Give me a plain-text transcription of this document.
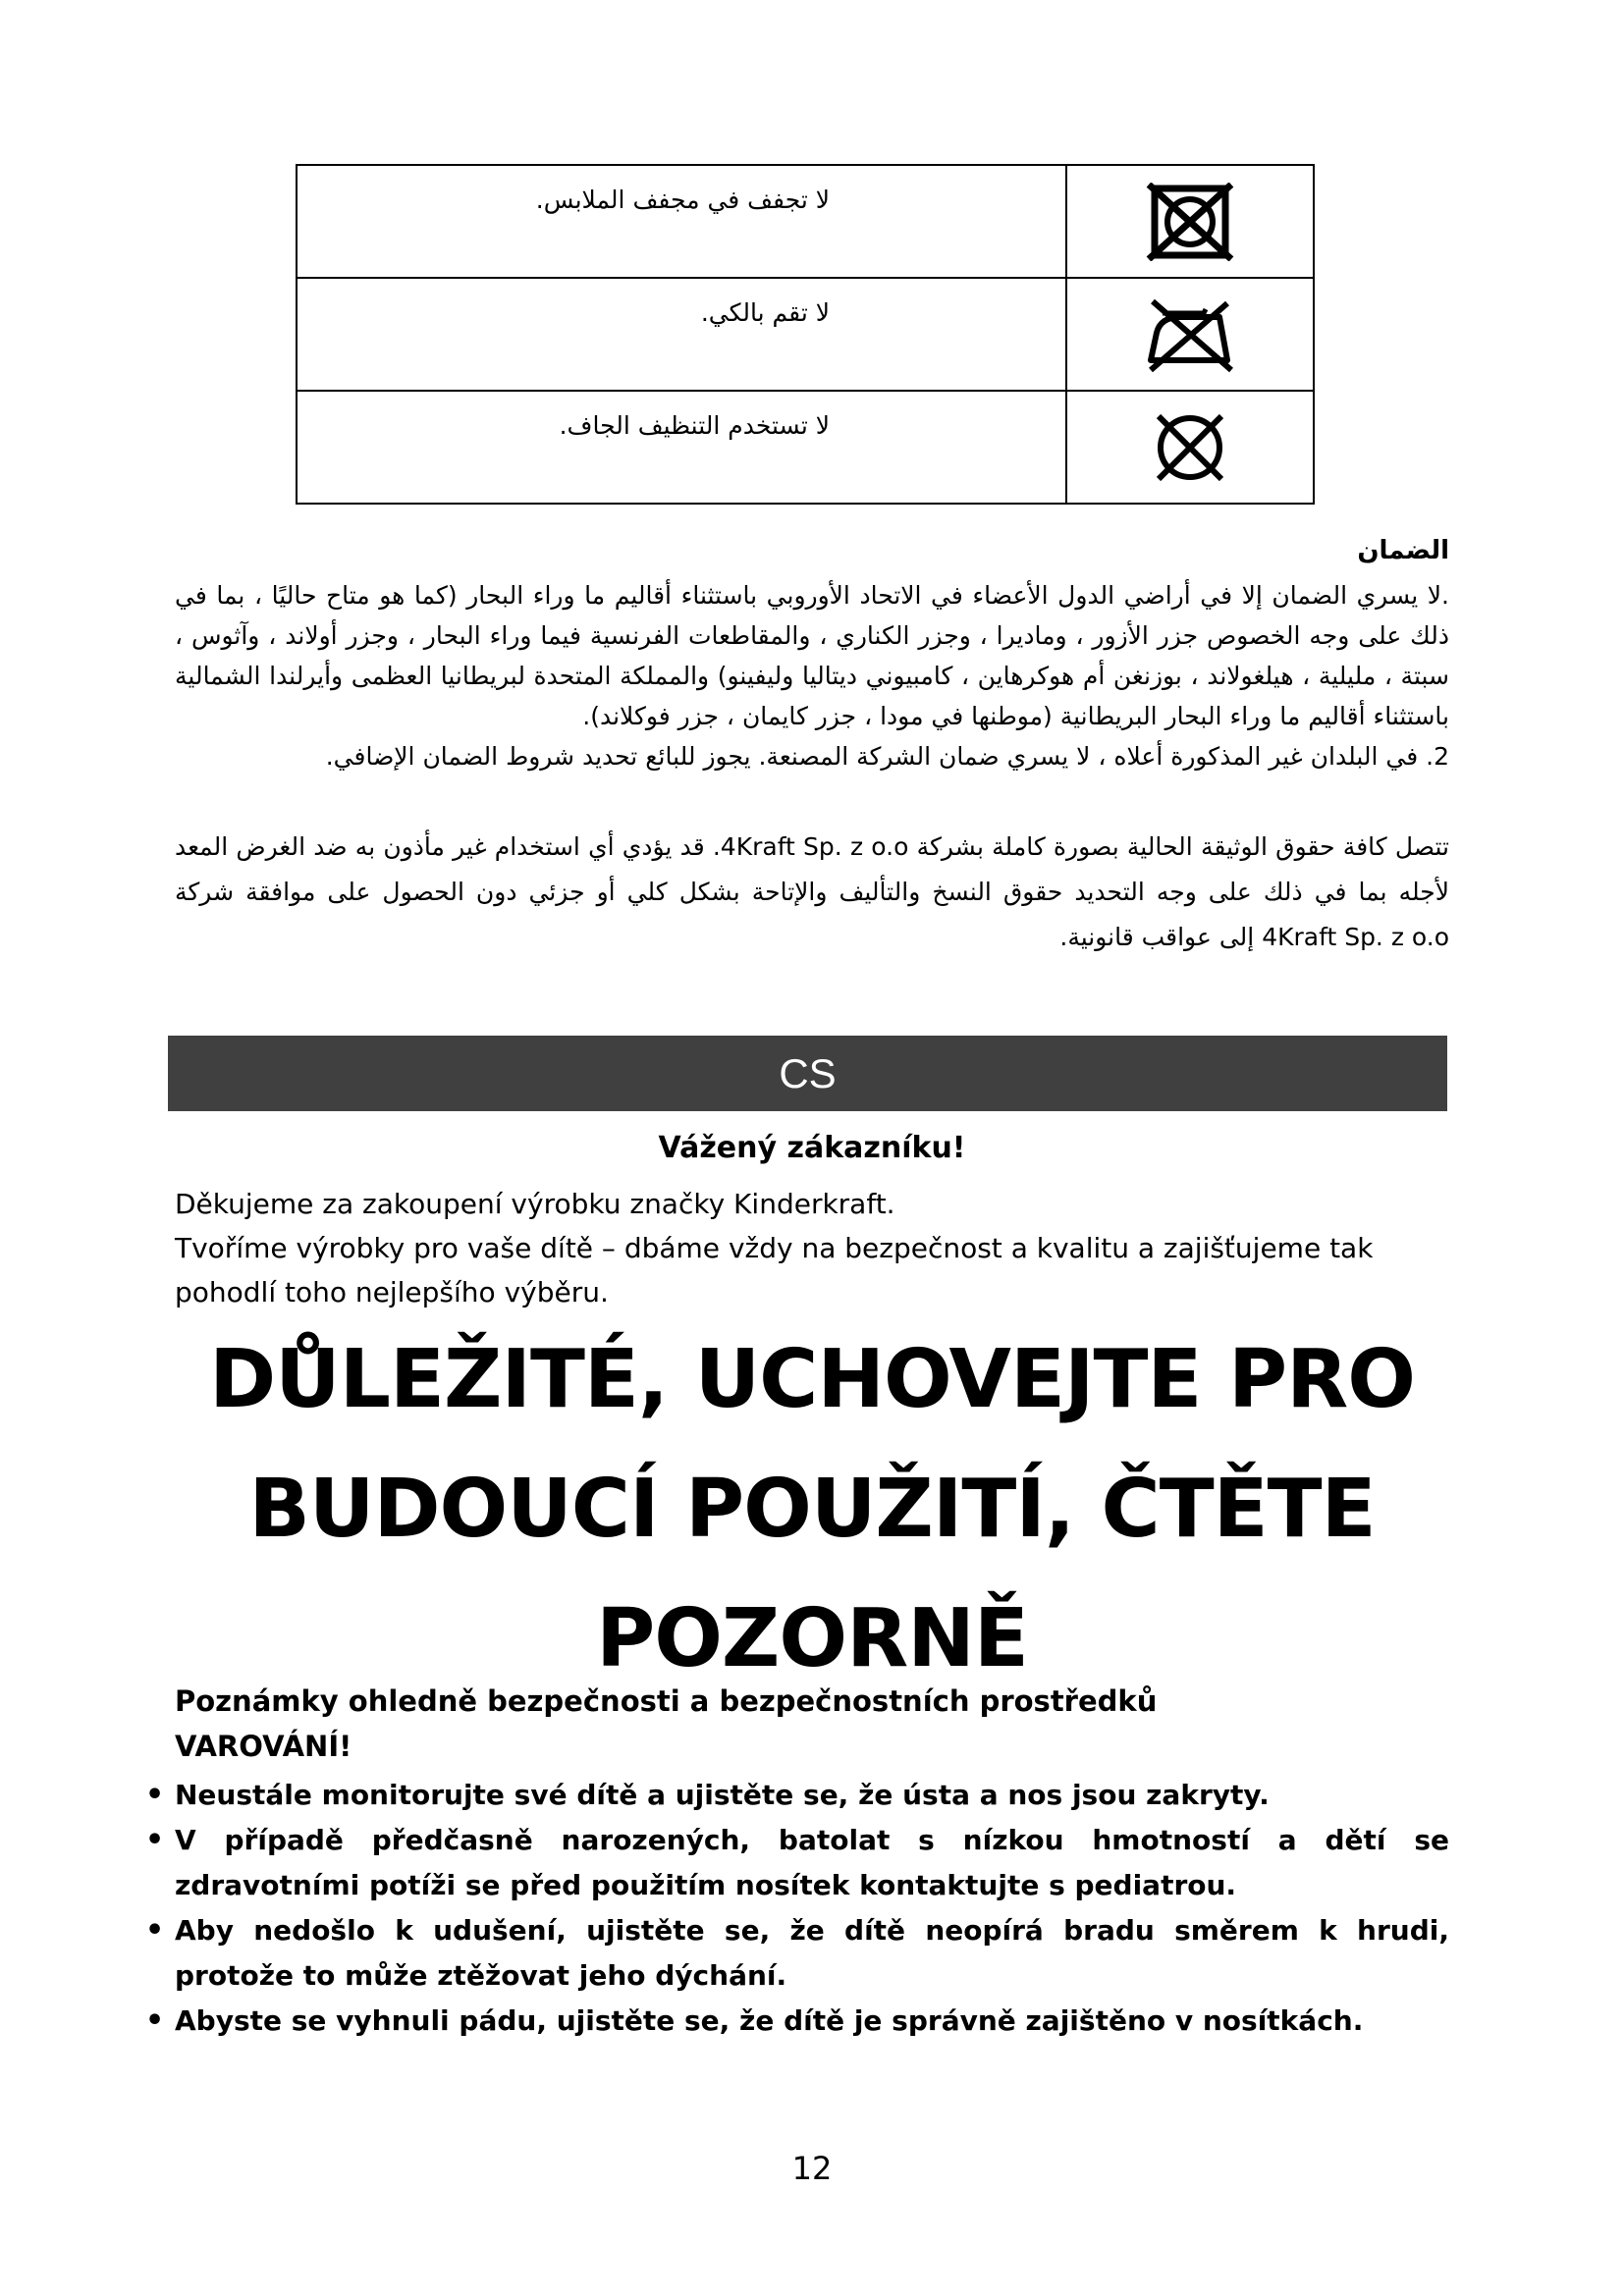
لا تجفف في مجفف الملابس.	

لا تقم بالكي.	

لا تستخدم التنظيف الجاف.	
الضمان
.لا يسري الضمان إلا في أراضي الدول الأعضاء في الاتحاد الأوروبي باستثناء أقاليم ما وراء البحار (كما هو متاح حاليًا ، بما في ذلك على وجه الخصوص جزر الأزور ، وماديرا ، وجزر الكناري ، والمقاطعات الفرنسية فيما وراء البحار ، وجزر أولاند ، وآثوس ، سبتة ، مليلية ، هيلغولاند ، بوزنغن أم هوكرهاين ، كامبيوني ديتاليا وليفينو) والمملكة المتحدة لبريطانيا العظمى وأيرلندا الشمالية باستثناء أقاليم ما وراء البحار البريطانية (موطنها في مودا ، جزر كايمان ، جزر فوكلاند).
2. في البلدان غير المذكورة أعلاه ، لا يسري ضمان الشركة المصنعة. يجوز للبائع تحديد شروط الضمان الإضافي.
تتصل كافة حقوق الوثيقة الحالية بصورة كاملة بشركة 4Kraft Sp. z o.o. قد يؤدي أي استخدام غير مأذون به ضد الغرض المعد لأجله بما في ذلك على وجه التحديد حقوق النسخ والتأليف والإتاحة بشكل كلي أو جزئي دون الحصول على موافقة شركة 4Kraft Sp. z o.o إلى عواقب قانونية.
CS
Vážený zákazníku!
Děkujeme za zakoupení výrobku značky Kinderkraft.
Tvoříme výrobky pro vaše dítě – dbáme vždy na bezpečnost a kvalitu a zajišťujeme tak pohodlí toho nejlepšího výběru.
DŮLEŽITÉ, UCHOVEJTE PRO BUDOUCÍ POUŽITÍ, ČTĚTE POZORNĚ
Poznámky ohledně bezpečnosti a bezpečnostních prostředků
VAROVÁNÍ!
• Neustále monitorujte své dítě a ujistěte se, že ústa a nos jsou zakryty.
• V případě předčasně narozených, batolat s nízkou hmotností a dětí se zdravotními potíži se před použitím nosítek kontaktujte s pediatrou.
• Aby nedošlo k udušení, ujistěte se, že dítě neopírá bradu směrem k hrudi, protože to může ztěžovat jeho dýchání.
• Abyste se vyhnuli pádu, ujistěte se, že dítě je správně zajištěno v nosítkách.
12
